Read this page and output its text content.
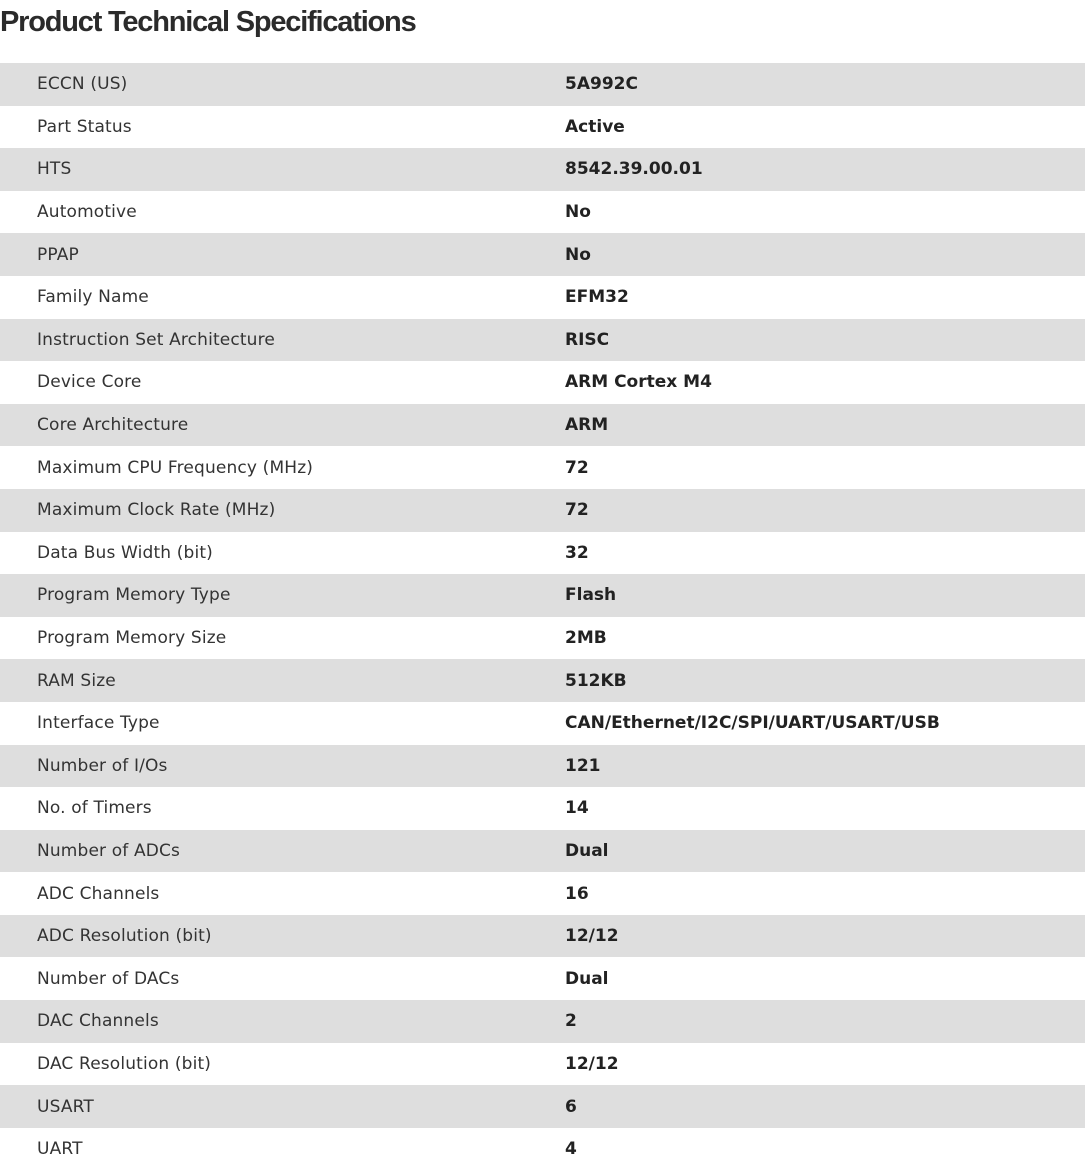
Product Technical Specifications
ECCN (US)	5A992C
Part Status	Active
HTS	8542.39.00.01
Automotive	No
PPAP	No
Family Name	EFM32
Instruction Set Architecture	RISC
Device Core	ARM Cortex M4
Core Architecture	ARM
Maximum CPU Frequency (MHz)	72
Maximum Clock Rate (MHz)	72
Data Bus Width (bit)	32
Program Memory Type	Flash
Program Memory Size	2MB
RAM Size	512KB
Interface Type	CAN/Ethernet/I2C/SPI/UART/USART/USB
Number of I/Os	121
No. of Timers	14
Number of ADCs	Dual
ADC Channels	16
ADC Resolution (bit)	12/12
Number of DACs	Dual
DAC Channels	2
DAC Resolution (bit)	12/12
USART	6
UART	4
